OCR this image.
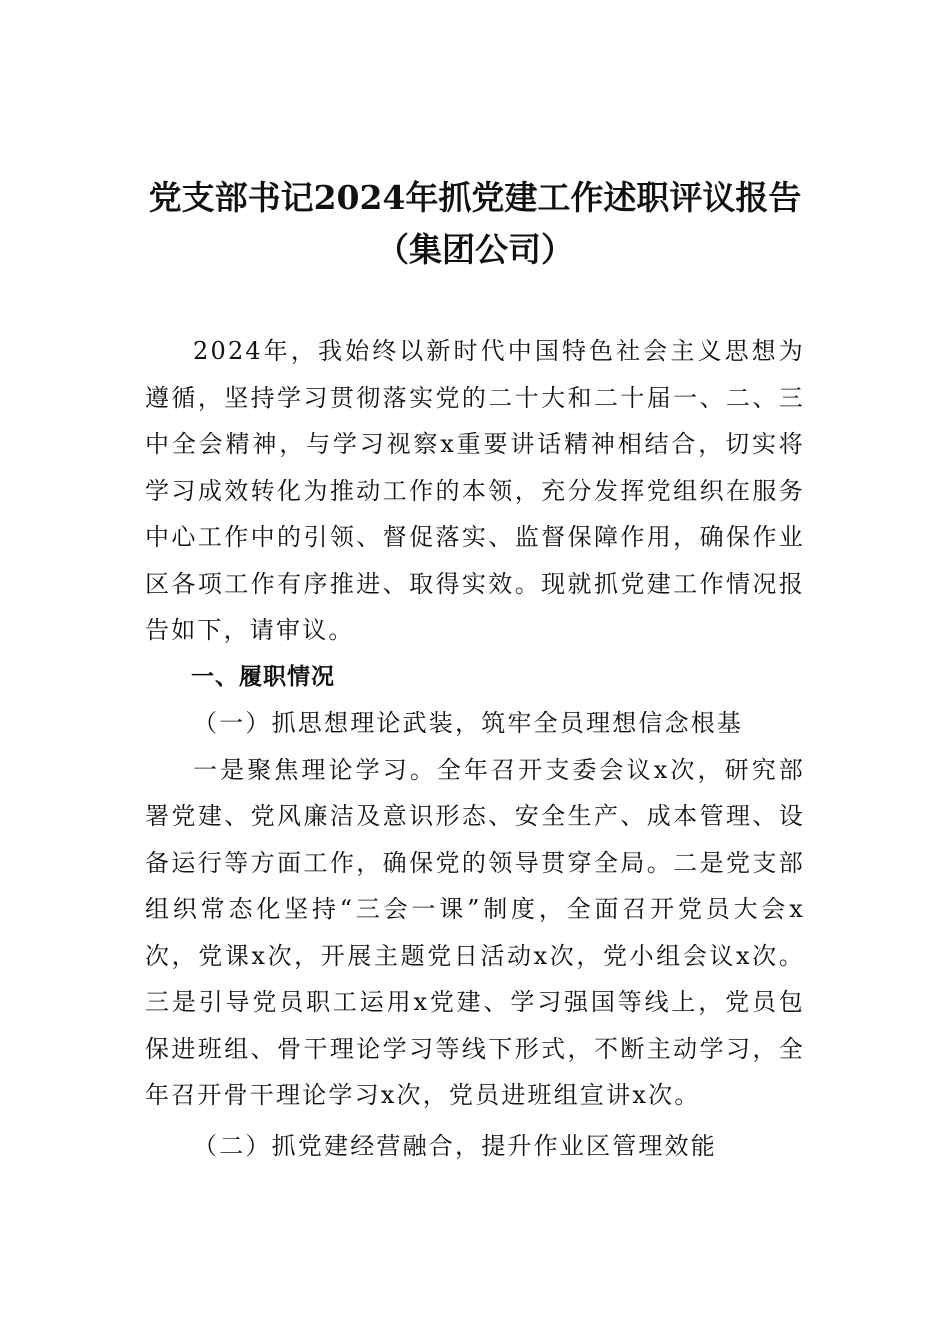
党支部书记2024年抓党建工作述职评议报告（集团公司）

2024年，我始终以新时代中国特色社会主义思想为遵循，坚持学习贯彻落实党的二十大和二十届一、二、三中全会精神，与学习视察x重要讲话精神相结合，切实将学习成效转化为推动工作的本领，充分发挥党组织在服务中心工作中的引领、督促落实、监督保障作用，确保作业区各项工作有序推进、取得实效。现就抓党建工作情况报告如下，请审议。

一、履职情况

（一）抓思想理论武装，筑牢全员理想信念根基

一是聚焦理论学习。全年召开支委会议x次，研究部署党建、党风廉洁及意识形态、安全生产、成本管理、设备运行等方面工作，确保党的领导贯穿全局。二是党支部组织常态化坚持“三会一课”制度，全面召开党员大会x次，党课x次，开展主题党日活动x次，党小组会议x次。三是引导党员职工运用x党建、学习强国等线上，党员包保进班组、骨干理论学习等线下形式，不断主动学习，全年召开骨干理论学习x次，党员进班组宣讲x次。

（二）抓党建经营融合，提升作业区管理效能
